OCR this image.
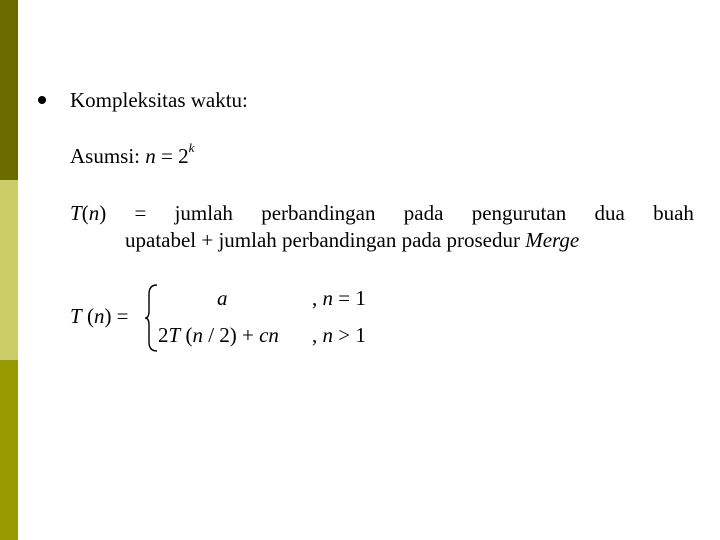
Kompleksitas waktu:
Asumsi: $n = 2^k$
T(n) = jumlah perbandingan pada pengurutan dua buah
upatabel + jumlah perbandingan pada prosedur Merge
T (n) =
a
2T (n / 2) + cn
, n = 1
, n > 1
